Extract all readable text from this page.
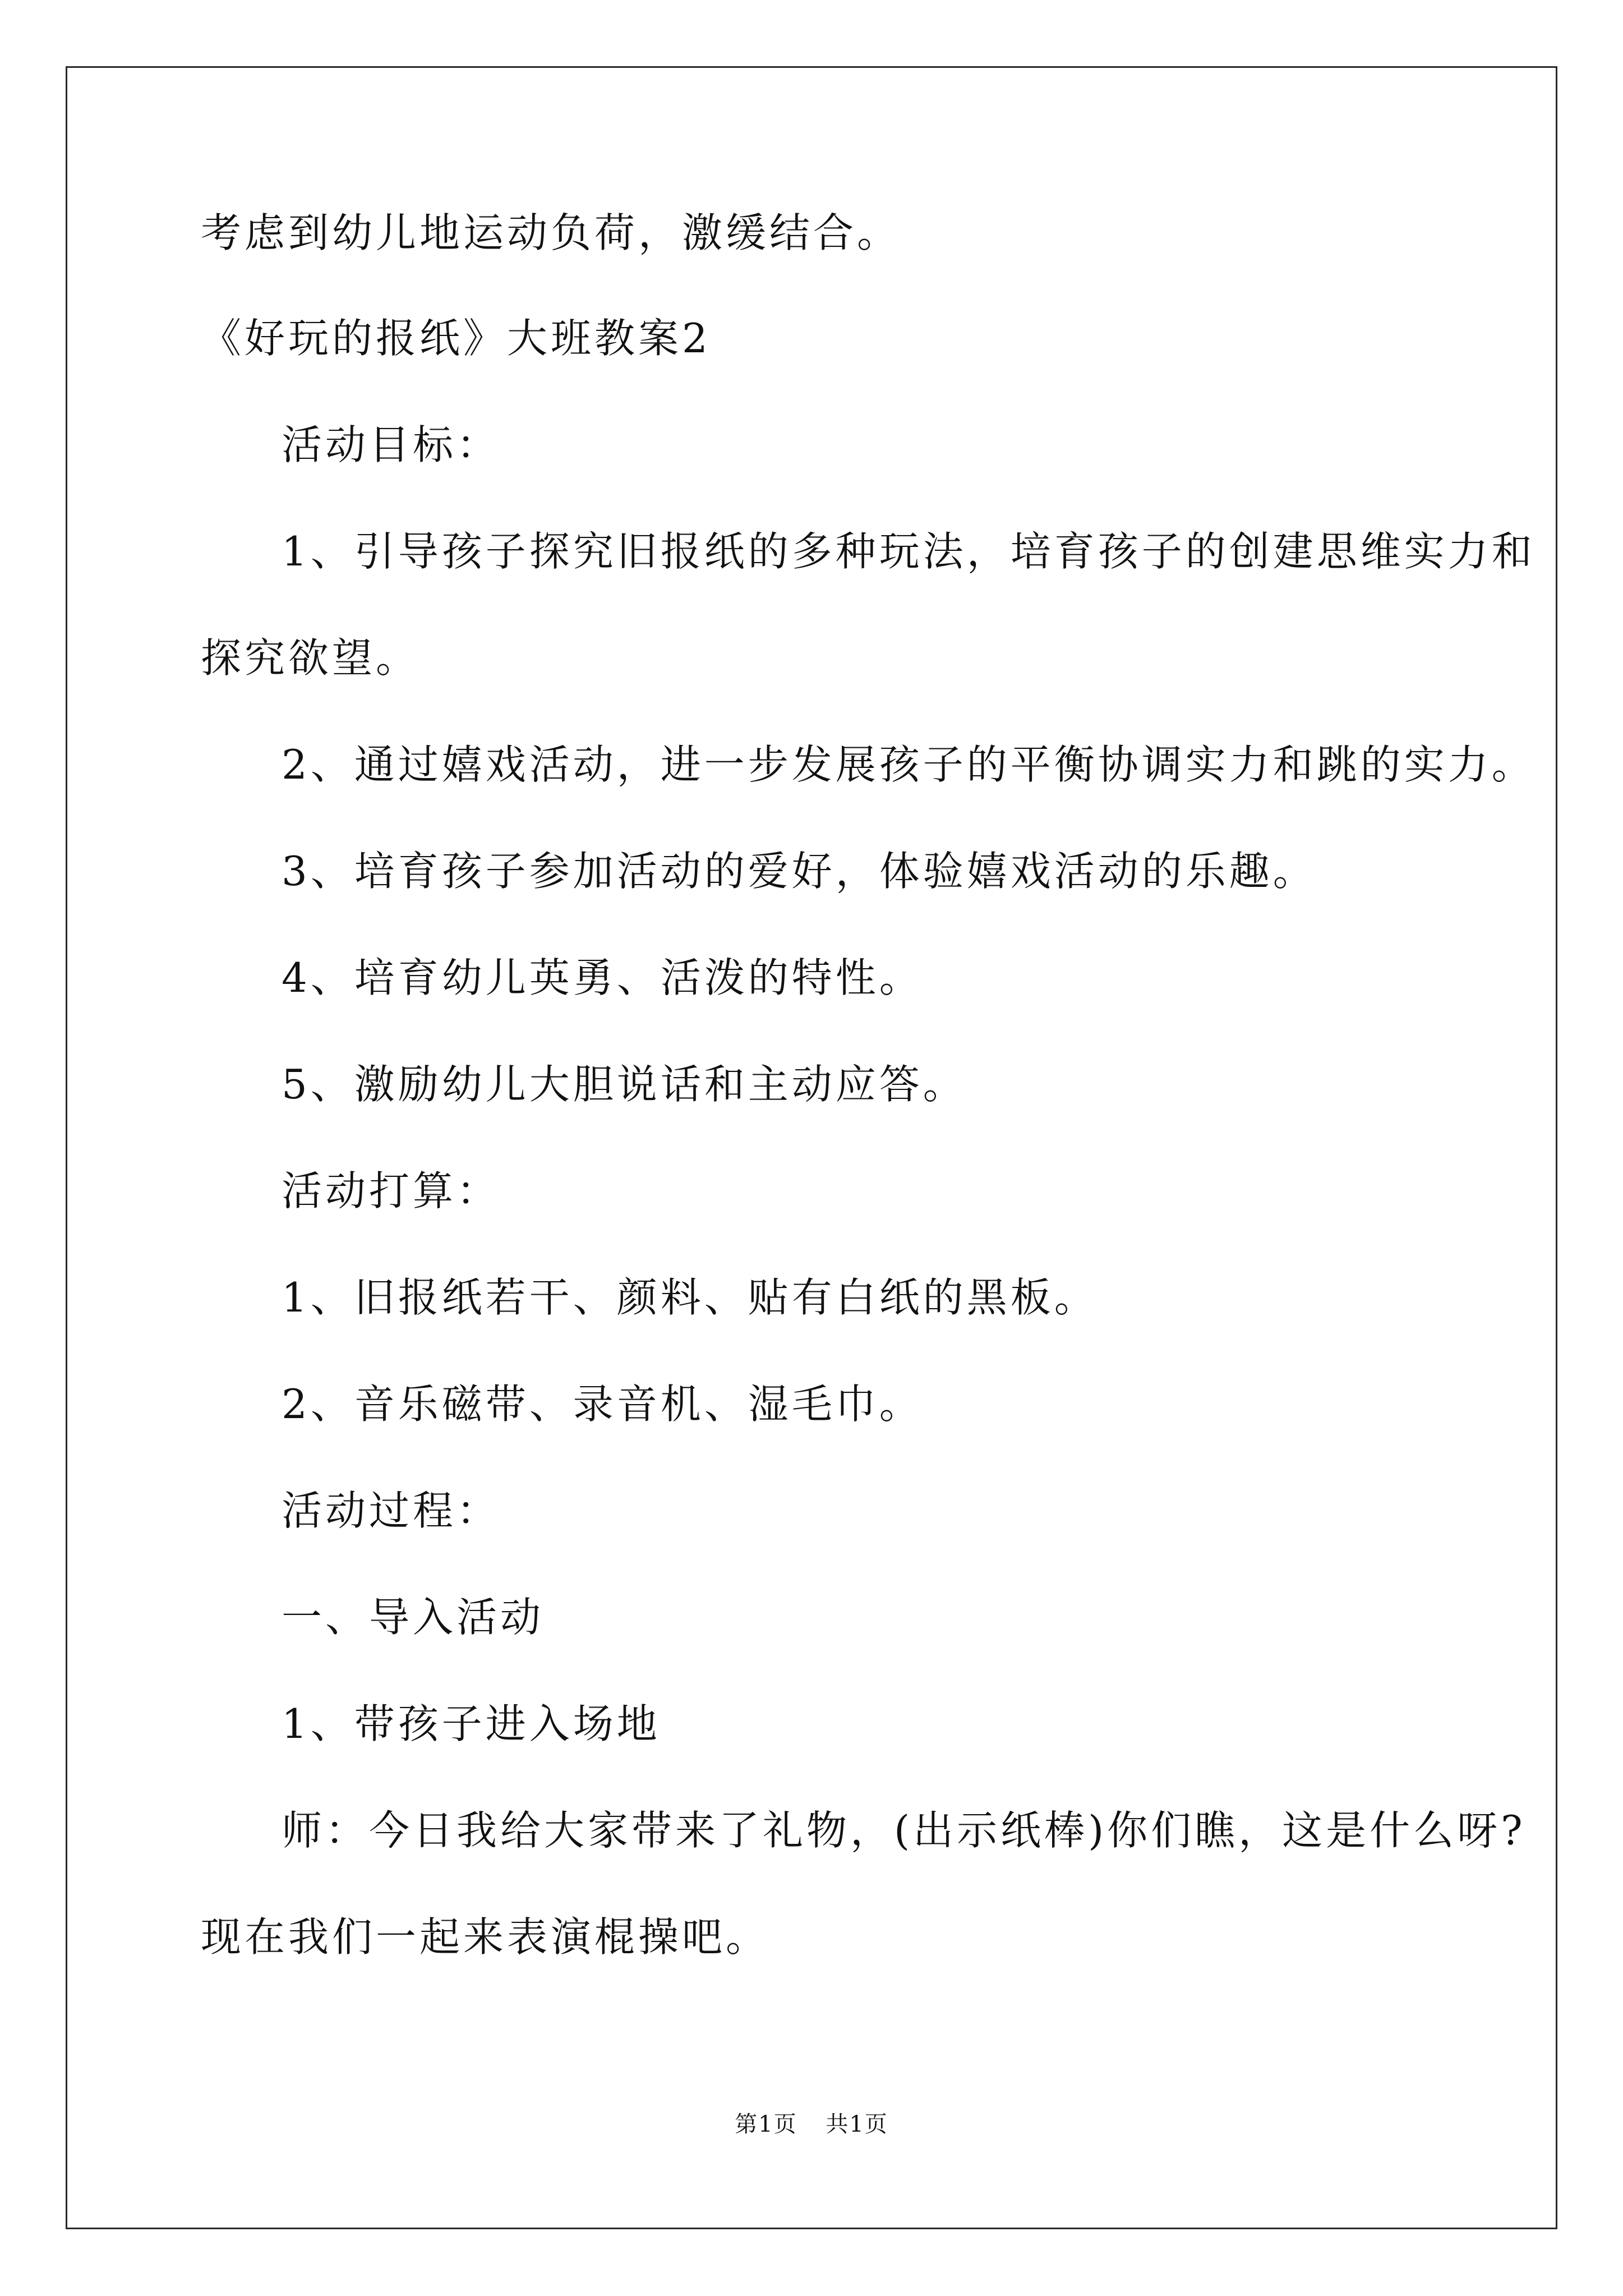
考虑到幼儿地运动负荷，激缓结合。
《好玩的报纸》大班教案2
活动目标：
1、引导孩子探究旧报纸的多种玩法，培育孩子的创建思维实力和
探究欲望。
2、通过嬉戏活动，进一步发展孩子的平衡协调实力和跳的实力。
3、培育孩子参加活动的爱好，体验嬉戏活动的乐趣。
4、培育幼儿英勇、活泼的特性。
5、激励幼儿大胆说话和主动应答。
活动打算：
1、旧报纸若干、颜料、贴有白纸的黑板。
2、音乐磁带、录音机、湿毛巾。
活动过程：
一、导入活动
1、带孩子进入场地
师：今日我给大家带来了礼物，(出示纸棒)你们瞧，这是什么呀?
现在我们一起来表演棍操吧。
第1页 共1页
